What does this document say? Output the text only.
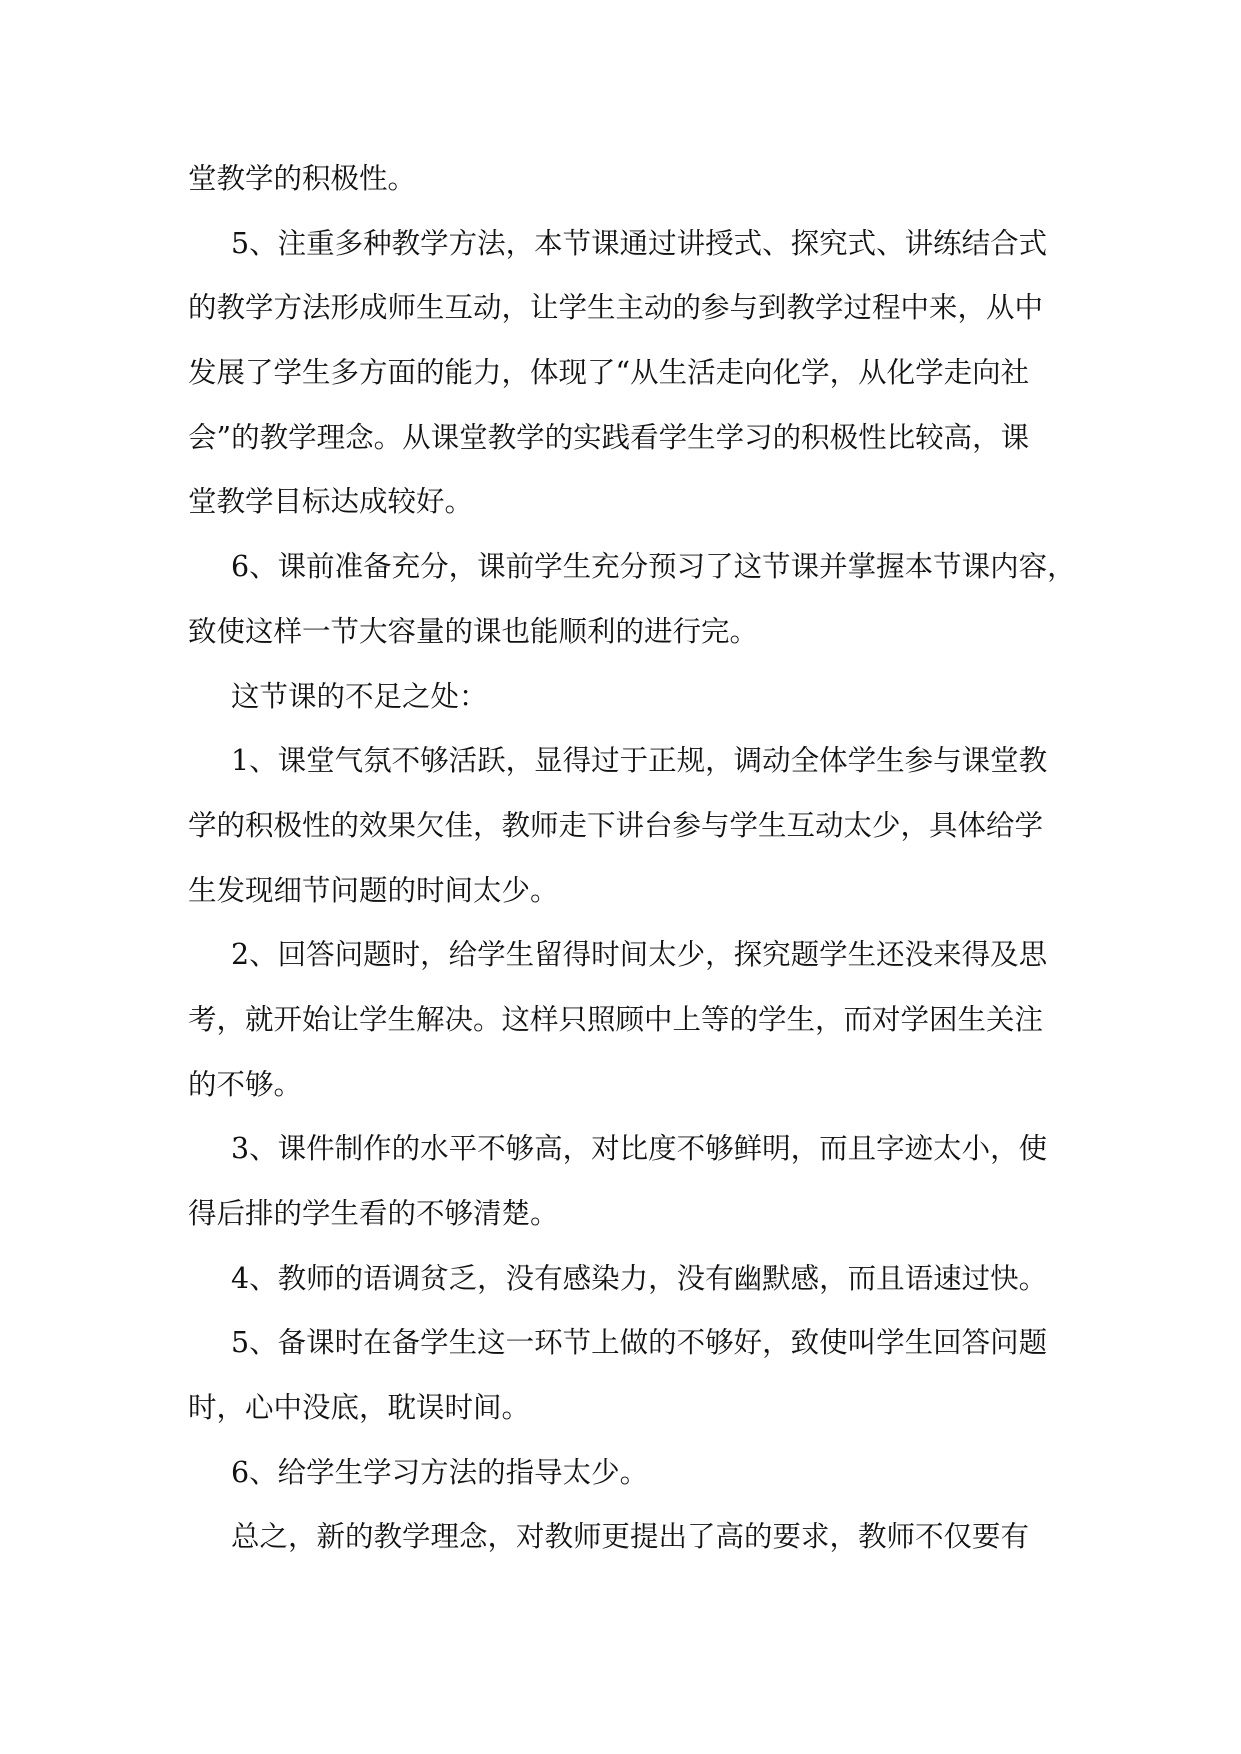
堂教学的积极性。
5、注重多种教学方法，本节课通过讲授式、探究式、讲练结合式
的教学方法形成师生互动，让学生主动的参与到教学过程中来，从中
发展了学生多方面的能力，体现了“从生活走向化学，从化学走向社
会”的教学理念。从课堂教学的实践看学生学习的积极性比较高，课
堂教学目标达成较好。
6、课前准备充分，课前学生充分预习了这节课并掌握本节课内容，
致使这样一节大容量的课也能顺利的进行完。
这节课的不足之处：
1、课堂气氛不够活跃，显得过于正规，调动全体学生参与课堂教
学的积极性的效果欠佳，教师走下讲台参与学生互动太少，具体给学
生发现细节问题的时间太少。
2、回答问题时，给学生留得时间太少，探究题学生还没来得及思
考，就开始让学生解决。这样只照顾中上等的学生，而对学困生关注
的不够。
3、课件制作的水平不够高，对比度不够鲜明，而且字迹太小，使
得后排的学生看的不够清楚。
4、教师的语调贫乏，没有感染力，没有幽默感，而且语速过快。
5、备课时在备学生这一环节上做的不够好，致使叫学生回答问题
时，心中没底，耽误时间。
6、给学生学习方法的指导太少。
总之，新的教学理念，对教师更提出了高的要求，教师不仅要有
